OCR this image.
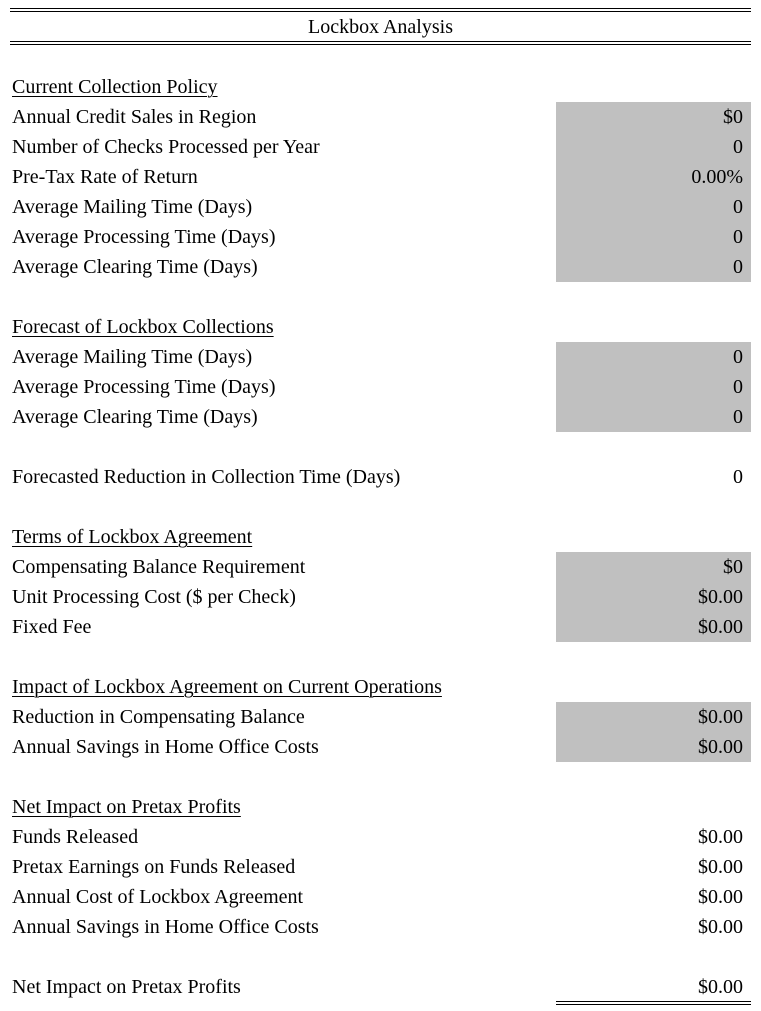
Lockbox Analysis
Current Collection Policy
Annual Credit Sales in Region	$0
Number of Checks Processed per Year	0
Pre-Tax Rate of Return	0.00%
Average Mailing Time (Days)	0
Average Processing Time (Days)	0
Average Clearing Time (Days)	0
Forecast of Lockbox Collections
Average Mailing Time (Days)	0
Average Processing Time (Days)	0
Average Clearing Time (Days)	0
Forecasted Reduction in Collection Time (Days)	0
Terms of Lockbox Agreement
Compensating Balance Requirement	$0
Unit Processing Cost ($ per Check)	$0.00
Fixed Fee	$0.00
Impact of Lockbox Agreement on Current Operations
Reduction in Compensating Balance	$0.00
Annual Savings in Home Office Costs	$0.00
Net Impact on Pretax Profits
Funds Released	$0.00
Pretax Earnings on Funds Released	$0.00
Annual Cost of Lockbox Agreement	$0.00
Annual Savings in Home Office Costs	$0.00
Net Impact on Pretax Profits	$0.00
